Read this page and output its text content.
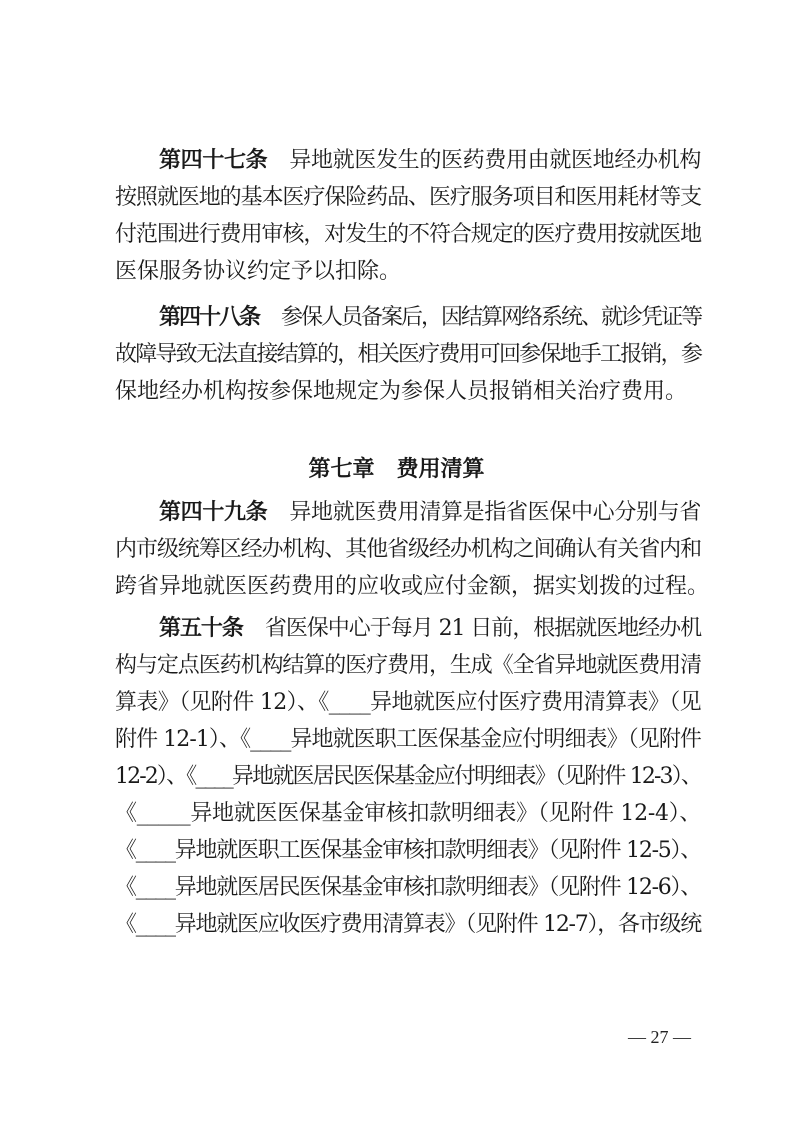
第四十七条 异地就医发生的医药费用由就医地经办机构
按照就医地的基本医疗保险药品、医疗服务项目和医用耗材等支
付范围进行费用审核，对发生的不符合规定的医疗费用按就医地
医保服务协议约定予以扣除。
第四十八条 参保人员备案后，因结算网络系统、就诊凭证等
故障导致无法直接结算的，相关医疗费用可回参保地手工报销，参
保地经办机构按参保地规定为参保人员报销相关治疗费用。
第七章 费用清算
第四十九条 异地就医费用清算是指省医保中心分别与省
内市级统筹区经办机构、其他省级经办机构之间确认有关省内和
跨省异地就医医药费用的应收或应付金额，据实划拨的过程。
第五十条 省医保中心于每月 21 日前，根据就医地经办机
构与定点医药机构结算的医疗费用，生成《全省异地就医费用清
算表》（见附件 12）、《____异地就医应付医疗费用清算表》（见
附件 12-1）、《____异地就医职工医保基金应付明细表》（见附件
12-2）、《____异地就医居民医保基金应付明细表》（见附件 12-3）、
《_____异地就医医保基金审核扣款明细表》（见附件 12-4）、
《____异地就医职工医保基金审核扣款明细表》（见附件 12-5）、
《____异地就医居民医保基金审核扣款明细表》（见附件 12-6）、
《____异地就医应收医疗费用清算表》（见附件 12-7），各市级统
— 27 —
